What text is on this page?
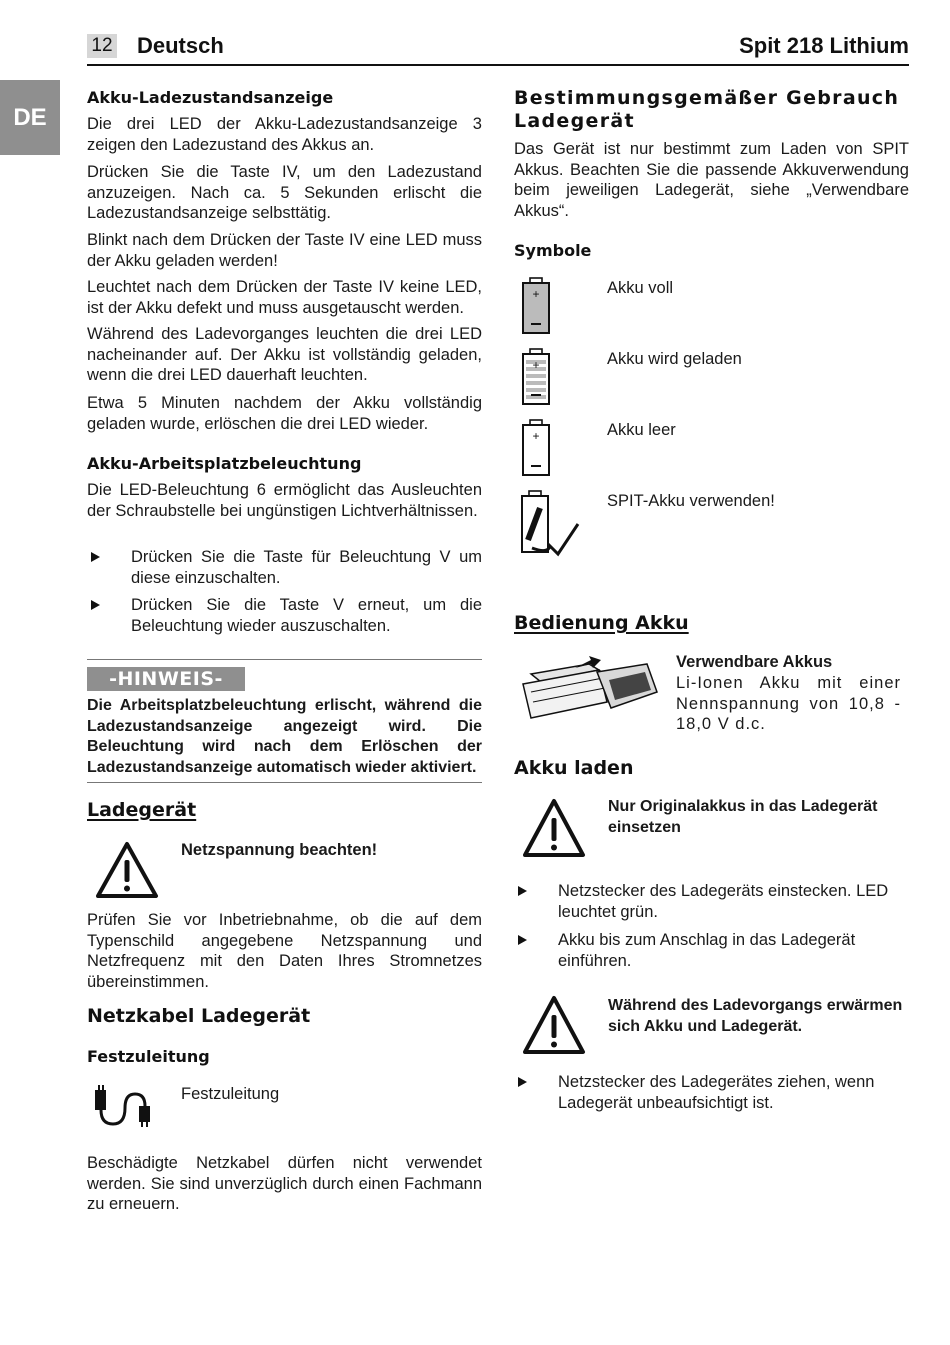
12 Deutsch	Spit 218 Lithium
DE
Akku-Ladezustandsanzeige
Die drei LED der Akku-Ladezustandsanzeige 3 zeigen den Ladezustand des Akkus an.
Drücken Sie die Taste IV, um den Ladezustand anzuzeigen. Nach ca. 5 Sekunden erlischt die Ladezustandsanzeige selbsttätig.
Blinkt nach dem Drücken der Taste IV eine LED muss der Akku geladen werden!
Leuchtet nach dem Drücken der Taste IV keine LED, ist der Akku defekt und muss ausgetauscht werden.
Während des Ladevorganges leuchten die drei LED nacheinander auf. Der Akku ist vollständig geladen, wenn die drei LED dauerhaft leuchten.
Etwa 5 Minuten nachdem der Akku vollständig geladen wurde, erlöschen die drei LED wieder.
Akku-Arbeitsplatzbeleuchtung
Die LED-Beleuchtung 6 ermöglicht das Ausleuchten der Schraubstelle bei ungünstigen Lichtverhältnissen.
Drücken Sie die Taste für Beleuchtung V um diese einzuschalten.
Drücken Sie die Taste V erneut, um die Beleuchtung wieder auszuschalten.
-HINWEIS-
Die Arbeitsplatzbeleuchtung erlischt, während die Ladezustandsanzeige angezeigt wird. Die Beleuchtung wird nach dem Erlöschen der Ladezustandsanzeige automatisch wieder aktiviert.
Ladegerät
Netzspannung beachten!
Prüfen Sie vor Inbetriebnahme, ob die auf dem Typenschild angegebene Netzspannung und Netzfrequenz mit den Daten Ihres Stromnetzes übereinstimmen.
Netzkabel Ladegerät
Festzuleitung
Festzuleitung
Beschädigte Netzkabel dürfen nicht verwendet werden. Sie sind unverzüglich durch einen Fachmann zu erneuern.
Bestimmungsgemäßer Gebrauch Ladegerät
Das Gerät ist nur bestimmt zum Laden von SPIT Akkus. Beachten Sie die passende Akkuverwendung beim jeweiligen Ladegerät, siehe „Verwendbare Akkus“.
Symbole
+	Akku voll
+	Akku wird geladen
+	Akku leer
SPIT-Akku verwenden!
Bedienung Akku
Verwendbare Akkus
Li-Ionen Akku mit einer Nennspannung von 10,8 - 18,0 V d.c.
Akku laden
Nur Originalakkus in das Ladegerät einsetzen
Netzstecker des Ladegeräts einstecken. LED leuchtet grün.
Akku bis zum Anschlag in das Ladegerät einführen.
Während des Ladevorgangs erwärmen sich Akku und Ladegerät.
Netzstecker des Ladegerätes ziehen, wenn Ladegerät unbeaufsichtigt ist.
